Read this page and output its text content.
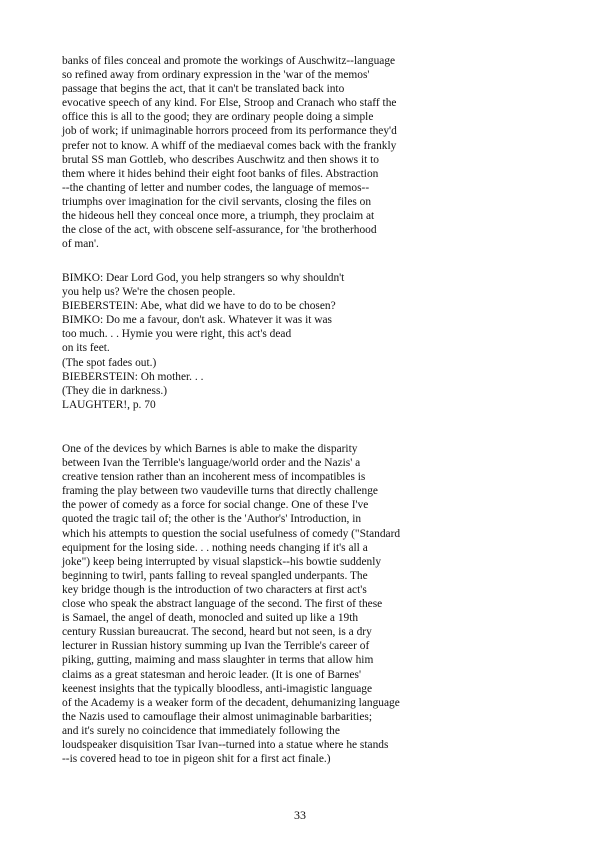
banks of files conceal and promote the workings of Auschwitz--language
so refined away from ordinary expression in the 'war of the memos'
passage that begins the act, that it can't be translated back into
evocative speech of any kind. For Else, Stroop and Cranach who staff the
office this is all to the good; they are ordinary people doing a simple
job of work; if unimaginable horrors proceed from its performance they'd
prefer not to know. A whiff of the mediaeval comes back with the frankly
brutal SS man Gottleb, who describes Auschwitz and then shows it to
them where it hides behind their eight foot banks of files. Abstraction
--the chanting of letter and number codes, the language of memos--
triumphs over imagination for the civil servants, closing the files on
the hideous hell they conceal once more, a triumph, they proclaim at
the close of the act, with obscene self-assurance, for 'the brotherhood
of man'.
BIMKO: Dear Lord God, you help strangers so why shouldn't
you help us? We're the chosen people.
BIEBERSTEIN: Abe, what did we have to do to be chosen?
BIMKO: Do me a favour, don't ask. Whatever it was it was
too much. . . Hymie you were right, this act's dead
on its feet.
(The spot fades out.)
BIEBERSTEIN: Oh mother. . .
(They die in darkness.)
LAUGHTER!, p. 70
One of the devices by which Barnes is able to make the disparity
between Ivan the Terrible's language/world order and the Nazis' a
creative tension rather than an incoherent mess of incompatibles is
framing the play between two vaudeville turns that directly challenge
the power of comedy as a force for social change. One of these I've
quoted the tragic tail of; the other is the 'Author's' Introduction, in
which his attempts to question the social usefulness of comedy ("Standard
equipment for the losing side. . . nothing needs changing if it's all a
joke") keep being interrupted by visual slapstick--his bowtie suddenly
beginning to twirl, pants falling to reveal spangled underpants. The
key bridge though is the introduction of two characters at first act's
close who speak the abstract language of the second. The first of these
is Samael, the angel of death, monocled and suited up like a 19th
century Russian bureaucrat. The second, heard but not seen, is a dry
lecturer in Russian history summing up Ivan the Terrible's career of
piking, gutting, maiming and mass slaughter in terms that allow him
claims as a great statesman and heroic leader. (It is one of Barnes'
keenest insights that the typically bloodless, anti-imagistic language
of the Academy is a weaker form of the decadent, dehumanizing language
the Nazis used to camouflage their almost unimaginable barbarities;
and it's surely no coincidence that immediately following the
loudspeaker disquisition Tsar Ivan--turned into a statue where he stands
--is covered head to toe in pigeon shit for a first act finale.)
33
